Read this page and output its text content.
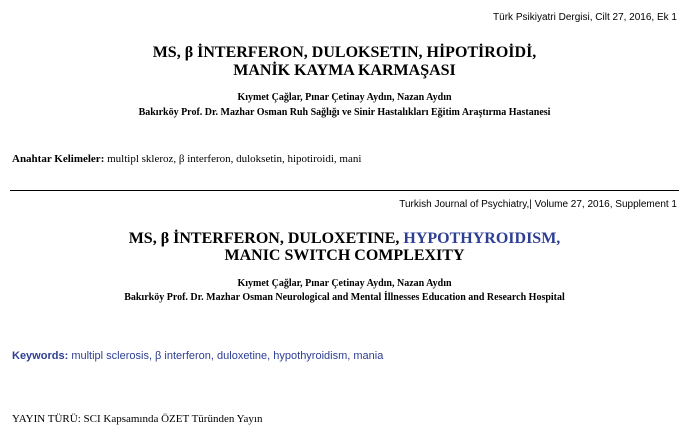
Türk Psikiyatri Dergisi, Cilt 27, 2016, Ek 1
MS, β İNTERFERON, DULOKSETIN, HİPOTİROİDİ,
MANİK KAYMA KARMAŞASI
Kıymet Çağlar, Pınar Çetinay Aydın, Nazan Aydın
Bakırköy Prof. Dr. Mazhar Osman Ruh Sağlığı ve Sinir Hastalıkları Eğitim Araştırma Hastanesi
Anahtar Kelimeler: multipl skleroz, β interferon, duloksetin, hipotiroidi, mani
Turkish Journal of Psychiatry,| Volume 27, 2016, Supplement 1
MS, β İNTERFERON, DULOXETINE, HYPOTHYROIDISM,
MANIC SWITCH COMPLEXITY
Kıymet Çağlar, Pınar Çetinay Aydın, Nazan Aydın
Bakırköy Prof. Dr. Mazhar Osman Neurological and Mental İllnesses Education and Research Hospital
Keywords: multipl sclerosis, β interferon, duloxetine, hypothyroidism, mania
YAYIN TÜRÜ: SCI Kapsamında ÖZET Türünden Yayın
